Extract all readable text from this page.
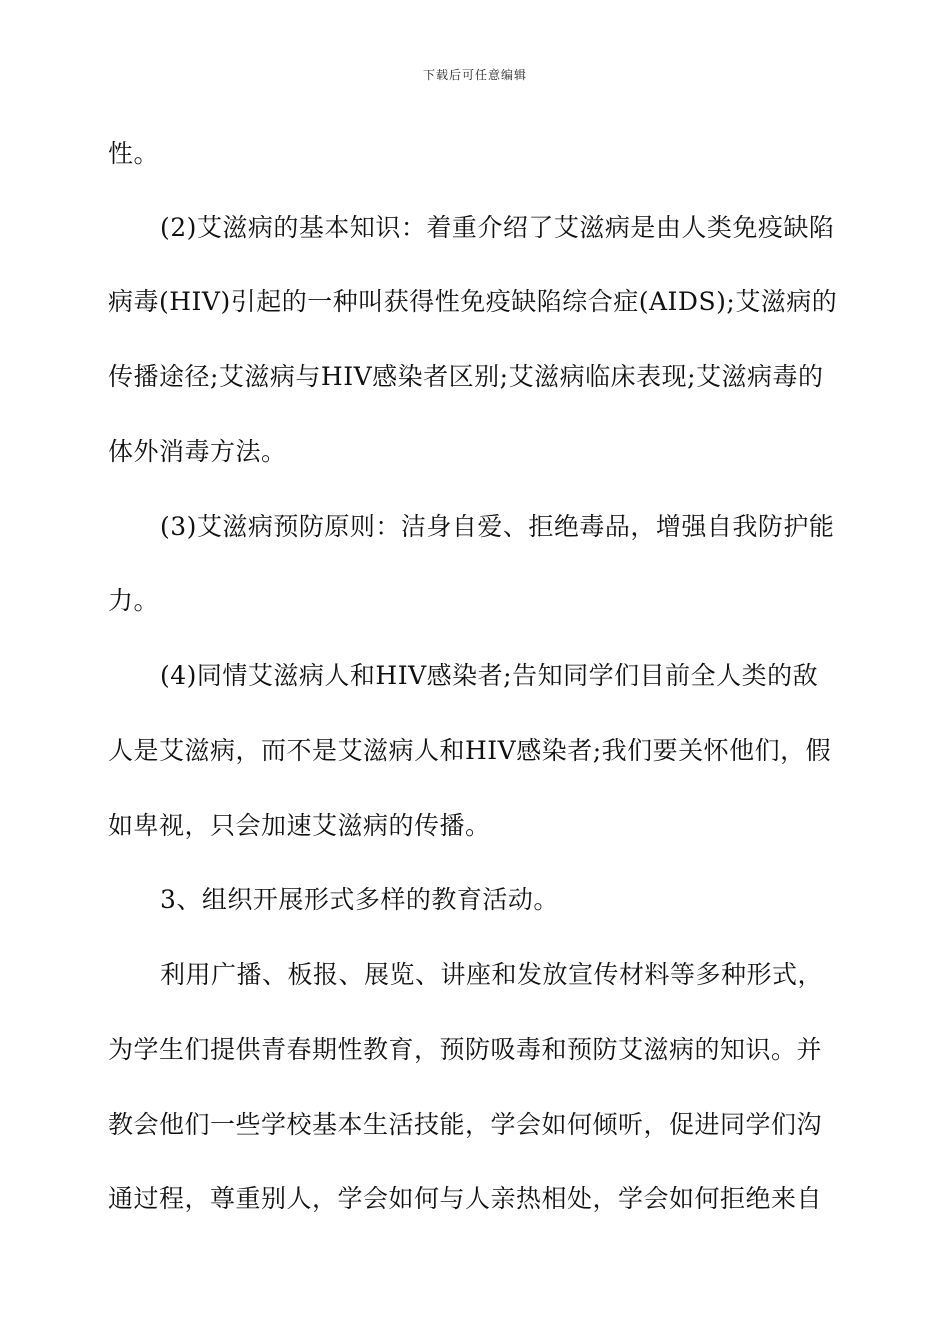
下载后可任意编辑
性。
(2)艾滋病的基本知识：着重介绍了艾滋病是由人类免疫缺陷
病毒(HIV)引起的一种叫获得性免疫缺陷综合症(AIDS);艾滋病的
传播途径;艾滋病与HIV感染者区别;艾滋病临床表现;艾滋病毒的
体外消毒方法。
(3)艾滋病预防原则：洁身自爱、拒绝毒品，增强自我防护能
力。
(4)同情艾滋病人和HIV感染者;告知同学们目前全人类的敌
人是艾滋病，而不是艾滋病人和HIV感染者;我们要关怀他们，假
如卑视，只会加速艾滋病的传播。
3、组织开展形式多样的教育活动。
利用广播、板报、展览、讲座和发放宣传材料等多种形式，
为学生们提供青春期性教育，预防吸毒和预防艾滋病的知识。并
教会他们一些学校基本生活技能，学会如何倾听，促进同学们沟
通过程，尊重别人，学会如何与人亲热相处，学会如何拒绝来自
